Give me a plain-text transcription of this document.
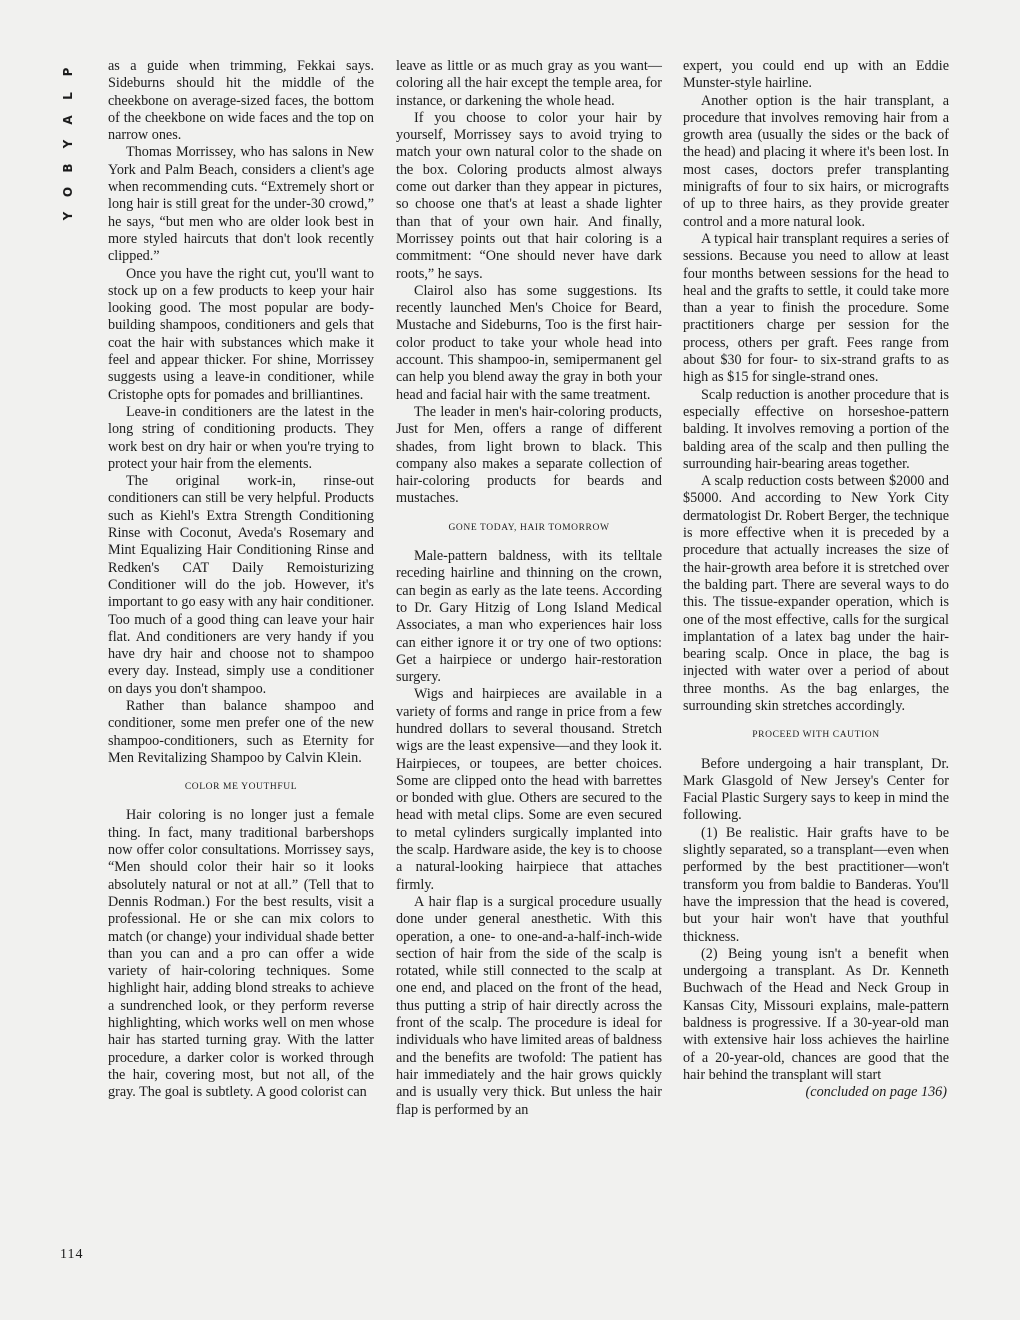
P
L
A
Y
B
O
Y

as a guide when trimming, Fekkai says. Sideburns should hit the middle of the cheekbone on average-sized faces, the bottom of the cheekbone on wide faces and the top on narrow ones.

Thomas Morrissey, who has salons in New York and Palm Beach, considers a client's age when recommending cuts. “Extremely short or long hair is still great for the under-30 crowd,” he says, “but men who are older look best in more styled haircuts that don't look recently clipped.”

Once you have the right cut, you'll want to stock up on a few products to keep your hair looking good. The most popular are body-building shampoos, conditioners and gels that coat the hair with substances which make it feel and appear thicker. For shine, Morrissey suggests using a leave-in conditioner, while Cristophe opts for pomades and brilliantines.

Leave-in conditioners are the latest in the long string of conditioning products. They work best on dry hair or when you're trying to protect your hair from the elements.

The original work-in, rinse-out conditioners can still be very helpful. Products such as Kiehl's Extra Strength Conditioning Rinse with Coconut, Aveda's Rosemary and Mint Equalizing Hair Conditioning Rinse and Redken's CAT Daily Remoisturizing Conditioner will do the job. However, it's important to go easy with any hair conditioner. Too much of a good thing can leave your hair flat. And conditioners are very handy if you have dry hair and choose not to shampoo every day. Instead, simply use a conditioner on days you don't shampoo.

Rather than balance shampoo and conditioner, some men prefer one of the new shampoo-conditioners, such as Eternity for Men Revitalizing Shampoo by Calvin Klein.

COLOR ME YOUTHFUL

Hair coloring is no longer just a female thing. In fact, many traditional barbershops now offer color consultations. Morrissey says, “Men should color their hair so it looks absolutely natural or not at all.” (Tell that to Dennis Rodman.) For the best results, visit a professional. He or she can mix colors to match (or change) your individual shade better than you can and a pro can offer a wide variety of hair-coloring techniques. Some highlight hair, adding blond streaks to achieve a sundrenched look, or they perform reverse highlighting, which works well on men whose hair has started turning gray. With the latter procedure, a darker color is worked through the hair, covering most, but not all, of the gray. The goal is subtlety. A good colorist can

leave as little or as much gray as you want—coloring all the hair except the temple area, for instance, or darkening the whole head.

If you choose to color your hair by yourself, Morrissey says to avoid trying to match your own natural color to the shade on the box. Coloring products almost always come out darker than they appear in pictures, so choose one that's at least a shade lighter than that of your own hair. And finally, Morrissey points out that hair coloring is a commitment: “One should never have dark roots,” he says.

Clairol also has some suggestions. Its recently launched Men's Choice for Beard, Mustache and Sideburns, Too is the first hair-color product to take your whole head into account. This shampoo-in, semipermanent gel can help you blend away the gray in both your head and facial hair with the same treatment.

The leader in men's hair-coloring products, Just for Men, offers a range of different shades, from light brown to black. This company also makes a separate collection of hair-coloring products for beards and mustaches.

GONE TODAY, HAIR TOMORROW

Male-pattern baldness, with its telltale receding hairline and thinning on the crown, can begin as early as the late teens. According to Dr. Gary Hitzig of Long Island Medical Associates, a man who experiences hair loss can either ignore it or try one of two options: Get a hairpiece or undergo hair-restoration surgery.

Wigs and hairpieces are available in a variety of forms and range in price from a few hundred dollars to several thousand. Stretch wigs are the least expensive—and they look it. Hairpieces, or toupees, are better choices. Some are clipped onto the head with barrettes or bonded with glue. Others are secured to the head with metal clips. Some are even secured to metal cylinders surgically implanted into the scalp. Hardware aside, the key is to choose a natural-looking hairpiece that attaches firmly.

A hair flap is a surgical procedure usually done under general anesthetic. With this operation, a one- to one-and-a-half-inch-wide section of hair from the side of the scalp is rotated, while still connected to the scalp at one end, and placed on the front of the head, thus putting a strip of hair directly across the front of the scalp. The procedure is ideal for individuals who have limited areas of baldness and the benefits are twofold: The patient has hair immediately and the hair grows quickly and is usually very thick. But unless the hair flap is performed by an

expert, you could end up with an Eddie Munster-style hairline.

Another option is the hair transplant, a procedure that involves removing hair from a growth area (usually the sides or the back of the head) and placing it where it's been lost. In most cases, doctors prefer transplanting minigrafts of four to six hairs, or micrografts of up to three hairs, as they provide greater control and a more natural look.

A typical hair transplant requires a series of sessions. Because you need to allow at least four months between sessions for the head to heal and the grafts to settle, it could take more than a year to finish the procedure. Some practitioners charge per session for the process, others per graft. Fees range from about $30 for four- to six-strand grafts to as high as $15 for single-strand ones.

Scalp reduction is another procedure that is especially effective on horseshoe-pattern balding. It involves removing a portion of the balding area of the scalp and then pulling the surrounding hair-bearing areas together.

A scalp reduction costs between $2000 and $5000. And according to New York City dermatologist Dr. Robert Berger, the technique is more effective when it is preceded by a procedure that actually increases the size of the hair-growth area before it is stretched over the balding part. There are several ways to do this. The tissue-expander operation, which is one of the most effective, calls for the surgical implantation of a latex bag under the hair-bearing scalp. Once in place, the bag is injected with water over a period of about three months. As the bag enlarges, the surrounding skin stretches accordingly.

PROCEED WITH CAUTION

Before undergoing a hair transplant, Dr. Mark Glasgold of New Jersey's Center for Facial Plastic Surgery says to keep in mind the following.

(1) Be realistic. Hair grafts have to be slightly separated, so a transplant—even when performed by the best practitioner—won't transform you from baldie to Banderas. You'll have the impression that the head is covered, but your hair won't have that youthful thickness.

(2) Being young isn't a benefit when undergoing a transplant. As Dr. Kenneth Buchwach of the Head and Neck Group in Kansas City, Missouri explains, male-pattern baldness is progressive. If a 30-year-old man with extensive hair loss achieves the hairline of a 20-year-old, chances are good that the hair behind the transplant will start

(concluded on page 136)

114
